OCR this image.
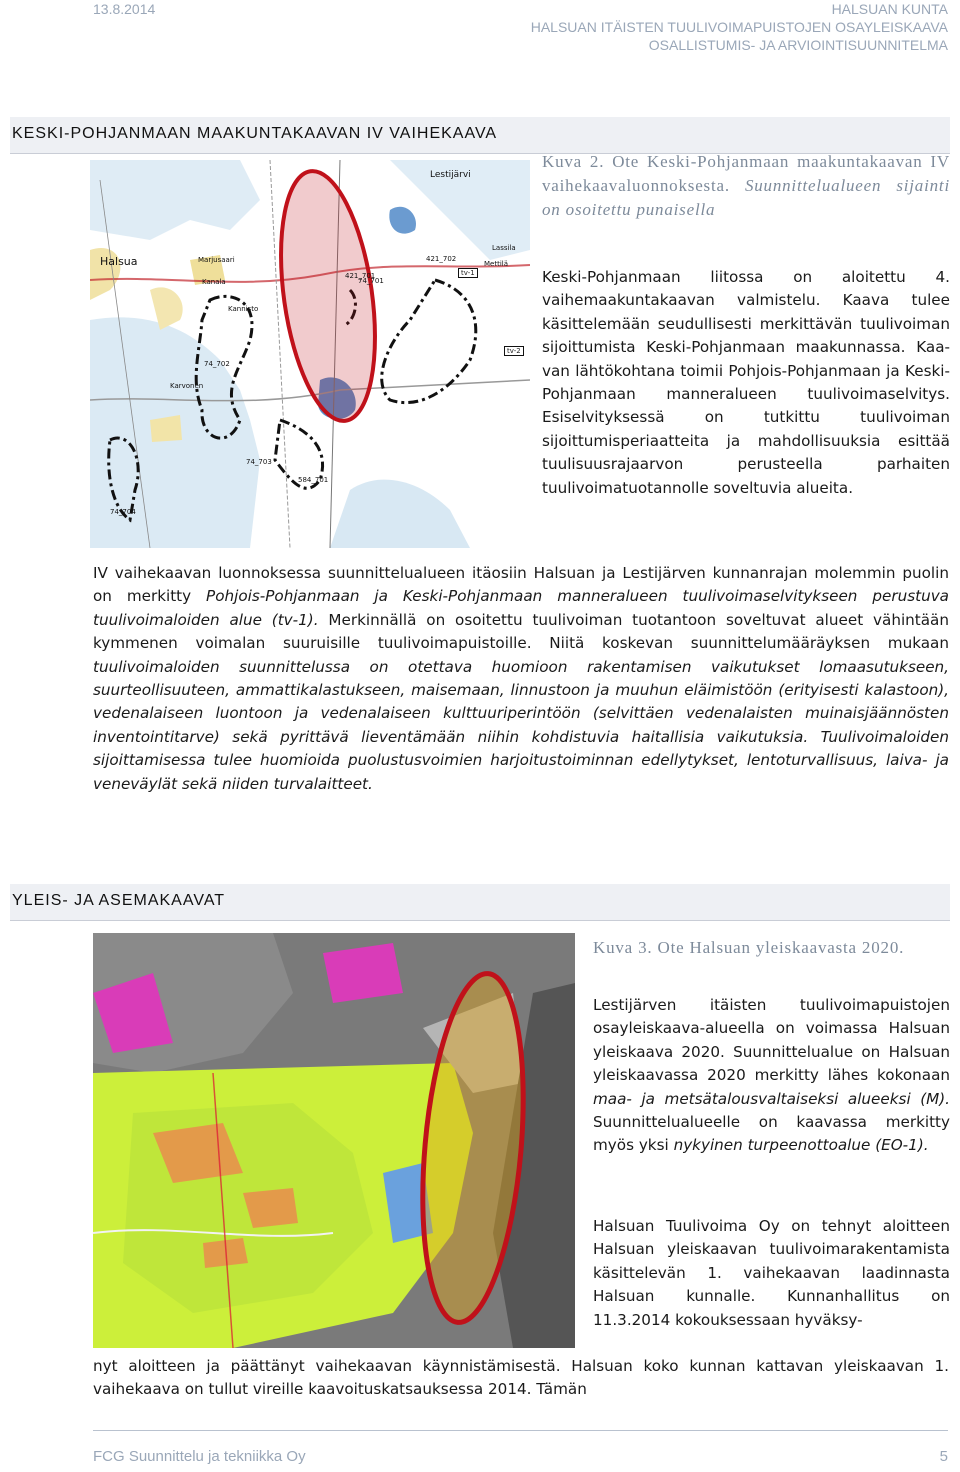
13.8.2014	HALSUAN KUNTA
HALSUAN ITÄISTEN TUULIVOIMAPUISTOJEN OSAYLEISKAAVA
OSALLISTUMIS- JA ARVIOINTISUUNNITELMA
KESKI-POHJANMAAN MAAKUNTAKAAVAN IV VAIHEKAAVA
Halsua
Lestijärvi
Marjusaari
Kanala
Kannisto
Karvonen
Lassila
Mettilä
421_702
421_701
74_701
74_702
74_703
74_704
584_701
tv-1
tv-2
Kuva 2. Ote Keski-Pohjanmaan maakuntakaavan IV vaihekaavaluonnoksesta. Suunnittelualueen sijainti on osoitettu punaisella
Keski-Pohjanmaan liitossa on aloitettu 4. vaihemaakuntakaavan valmistelu. Kaava tulee käsittelemään seudullisesti merkittävän tuulivoiman sijoittumista Keski-Pohjanmaan maakunnassa. Kaa-van lähtökohtana toimii Pohjois-Pohjanmaan ja Keski-Pohjanmaan manneralueen tuulivoimaselvitys. Esiselvityksessä on tutkittu tuulivoiman sijoittumisperiaatteita ja mahdollisuuksia esittää tuulisuusrajaarvon perusteella parhaiten tuulivoimatuotannolle soveltuvia alueita.
IV vaihekaavan luonnoksessa suunnittelualueen itäosiin Halsuan ja Lestijärven kunnanrajan molemmin puolin on merkitty Pohjois-Pohjanmaan ja Keski-Pohjanmaan manneralueen tuulivoimaselvitykseen perustuva tuulivoimaloiden alue (tv-1). Merkinnällä on osoitettu tuulivoiman tuotantoon soveltuvat alueet vähintään kymmenen voimalan suuruisille tuulivoimapuistoille. Niitä koskevan suunnittelumääräyksen mukaan tuulivoimaloiden suunnittelussa on otettava huomioon rakentamisen vaikutukset lomaasutukseen, suurteollisuuteen, ammattikalastukseen, maisemaan, linnustoon ja muuhun eläimistöön (erityisesti kalastoon), vedenalaiseen luontoon ja vedenalaiseen kulttuuriperintöön (selvittäen vedenalaisten muinaisjäännösten inventointitarve) sekä pyrittävä lieventämään niihin kohdistuvia haitallisia vaikutuksia. Tuulivoimaloiden sijoittamisessa tulee huomioida puolustusvoimien harjoitustoiminnan edellytykset, lentoturvallisuus, laiva- ja veneväylät sekä niiden turvalaitteet.
YLEIS- JA ASEMAKAAVAT
Kuva 3. Ote Halsuan yleiskaavasta 2020.
Lestijärven itäisten tuulivoimapuistojen osayleiskaava-alueella on voimassa Halsuan yleiskaava 2020. Suunnittelualue on Halsuan yleiskaavassa 2020 merkitty lähes kokonaan maa- ja metsätalousvaltaiseksi alueeksi (M). Suunnittelualueelle on kaavassa merkitty myös yksi nykyinen turpeenottoalue (EO-1).
Halsuan Tuulivoima Oy on tehnyt aloitteen Halsuan yleiskaavan tuulivoimarakentamista käsittelevän 1. vaihekaavan laadinnasta Halsuan kunnalle. Kunnanhallitus on 11.3.2014 kokouksessaan hyväksy-
nyt aloitteen ja päättänyt vaihekaavan käynnistämisestä. Halsuan koko kunnan kattavan yleiskaavan 1. vaihekaava on tullut vireille kaavoituskatsauksessa 2014. Tämän
FCG Suunnittelu ja tekniikka Oy	5
